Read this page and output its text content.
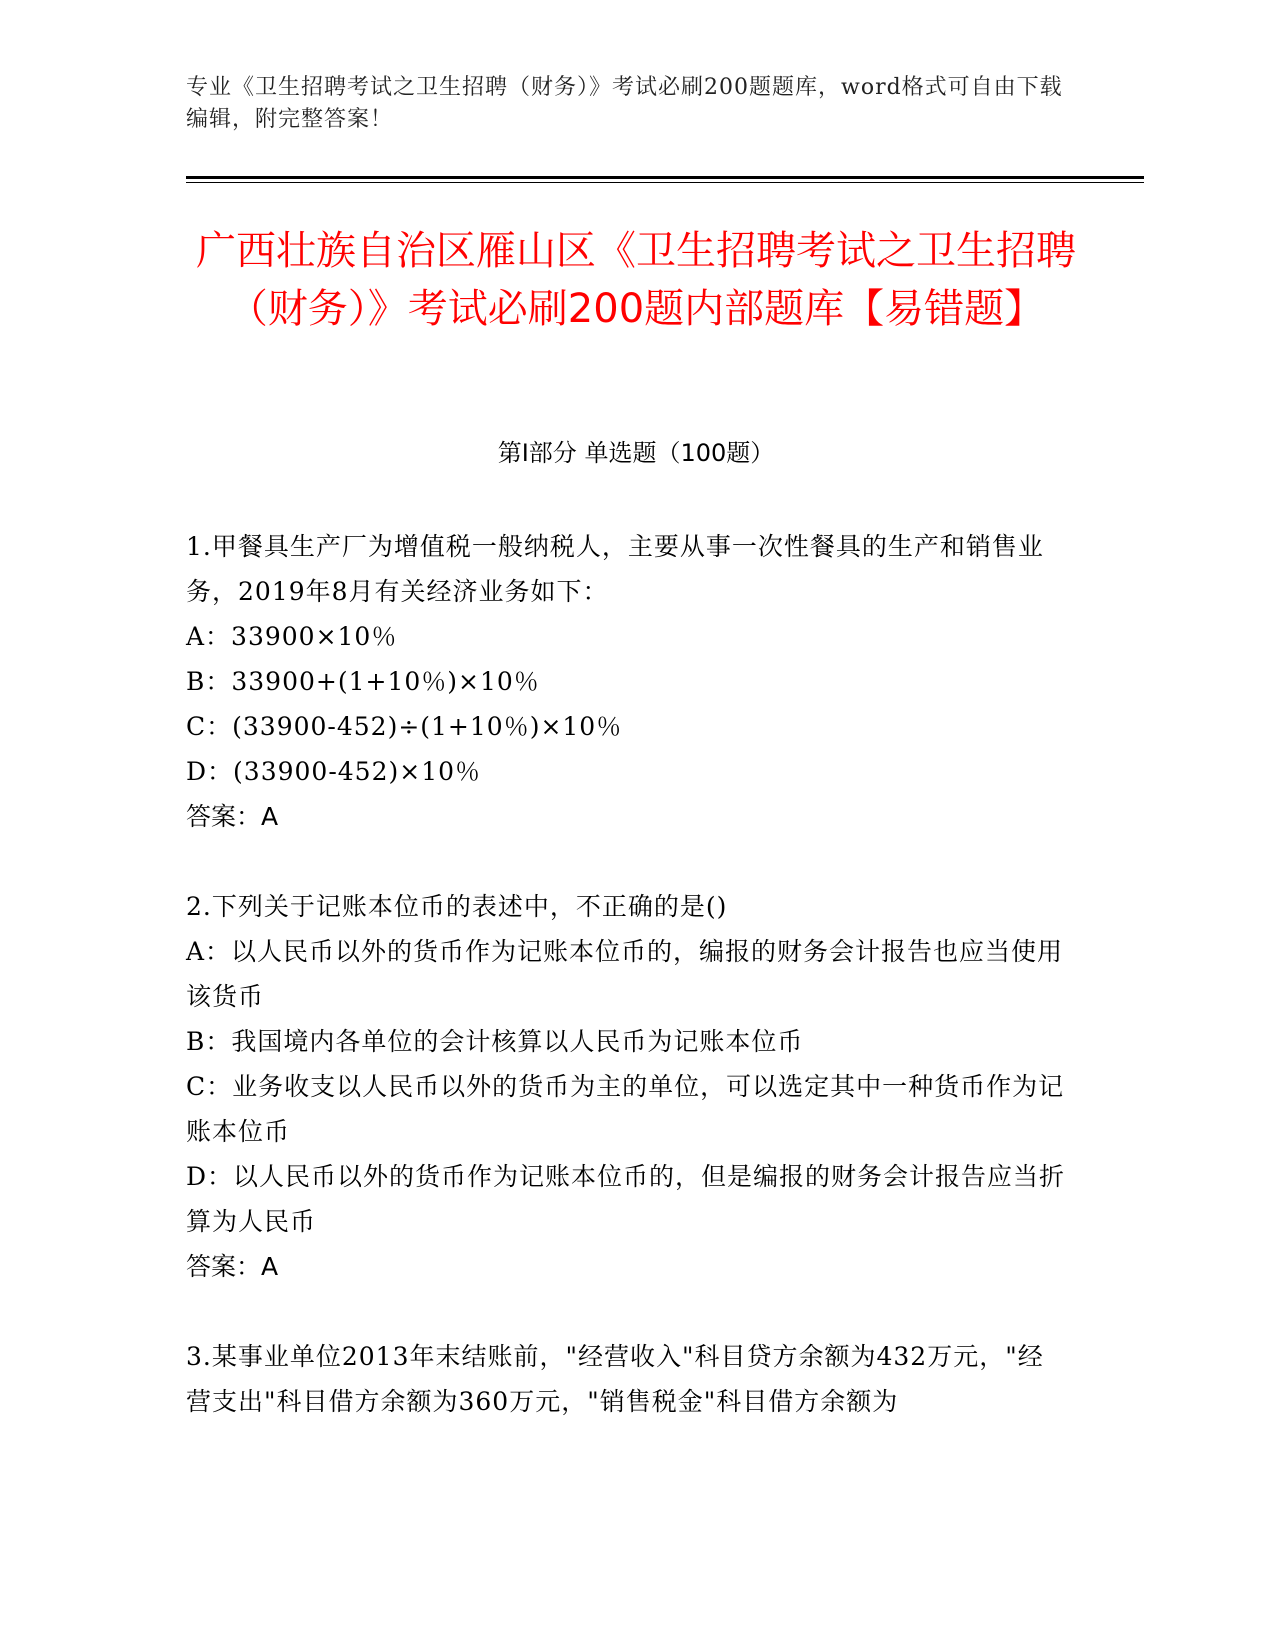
专业《卫生招聘考试之卫生招聘（财务）》考试必刷200题题库，word格式可自由下载编辑，附完整答案！
广西壮族自治区雁山区《卫生招聘考试之卫生招聘（财务）》考试必刷200题内部题库【易错题】
第I部分 单选题（100题）

1.甲餐具生产厂为增值税一般纳税人，主要从事一次性餐具的生产和销售业务，2019年8月有关经济业务如下：

A：33900×10％

B：33900+(1+10％)×10％

C：(33900-452)÷(1+10％)×10％

D：(33900-452)×10％

答案：A

2.下列关于记账本位币的表述中，不正确的是()

A：以人民币以外的货币作为记账本位币的，编报的财务会计报告也应当使用该货币

B：我国境内各单位的会计核算以人民币为记账本位币

C：业务收支以人民币以外的货币为主的单位，可以选定其中一种货币作为记账本位币

D：以人民币以外的货币作为记账本位币的，但是编报的财务会计报告应当折算为人民币

答案：A

3.某事业单位2013年末结账前，"经营收入"科目贷方余额为432万元，"经营支出"科目借方余额为360万元，"销售税金"科目借方余额为
